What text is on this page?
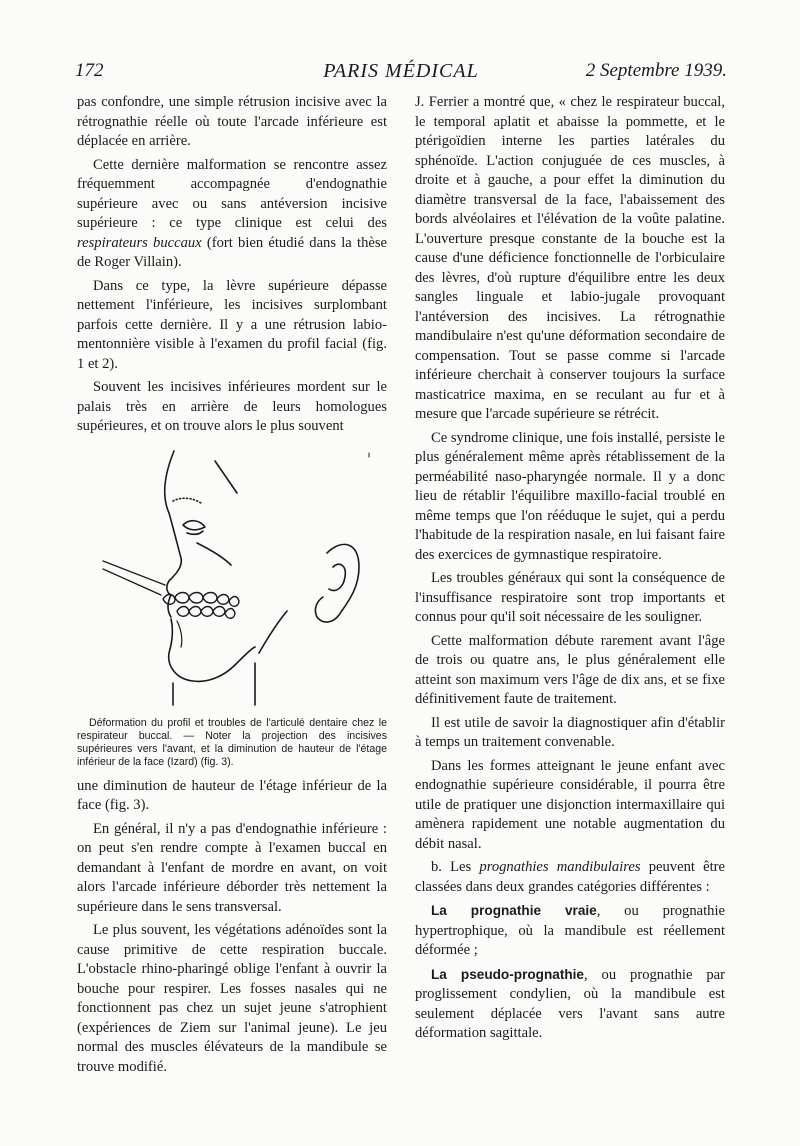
172	PARIS MÉDICAL	2 Septembre 1939.

pas confondre, une simple rétrusion incisive avec la rétrognathie réelle où toute l'arcade inférieure est déplacée en arrière.

Cette dernière malformation se rencontre assez fréquemment accompagnée d'endognathie supérieure avec ou sans antéversion incisive supérieure : ce type clinique est celui des respirateurs buccaux (fort bien étudié dans la thèse de Roger Villain).

Dans ce type, la lèvre supérieure dépasse nettement l'inférieure, les incisives surplombant parfois cette dernière. Il y a une rétrusion labio-mentonnière visible à l'examen du profil facial (fig. 1 et 2).

Souvent les incisives inférieures mordent sur le palais très en arrière de leurs homologues supérieures, et on trouve alors le plus souvent

Déformation du profil et troubles de l'articulé dentaire chez le respirateur buccal. — Noter la projection des incisives supérieures vers l'avant, et la diminution de hauteur de l'étage inférieur de la face (Izard) (fig. 3).

une diminution de hauteur de l'étage inférieur de la face (fig. 3).

En général, il n'y a pas d'endognathie inférieure : on peut s'en rendre compte à l'examen buccal en demandant à l'enfant de mordre en avant, on voit alors l'arcade inférieure déborder très nettement la supérieure dans le sens transversal.

Le plus souvent, les végétations adénoïdes sont la cause primitive de cette respiration buccale. L'obstacle rhino-pharingé oblige l'enfant à ouvrir la bouche pour respirer. Les fosses nasales qui ne fonctionnent pas chez un sujet jeune s'atrophient (expériences de Ziem sur l'animal jeune). Le jeu normal des muscles élévateurs de la mandibule se trouve modifié.

J. Ferrier a montré que, « chez le respirateur buccal, le temporal aplatit et abaisse la pommette, et le ptérigoïdien interne les parties latérales du sphénoïde. L'action conjuguée de ces muscles, à droite et à gauche, a pour effet la diminution du diamètre transversal de la face, l'abaissement des bords alvéolaires et l'élévation de la voûte palatine. L'ouverture presque constante de la bouche est la cause d'une déficience fonctionnelle de l'orbiculaire des lèvres, d'où rupture d'équilibre entre les deux sangles linguale et labio-jugale provoquant l'antéversion des incisives. La rétrognathie mandibulaire n'est qu'une déformation secondaire de compensation. Tout se passe comme si l'arcade inférieure cherchait à conserver toujours la surface masticatrice maxima, en se reculant au fur et à mesure que l'arcade supérieure se rétrécit.

Ce syndrome clinique, une fois installé, persiste le plus généralement même après rétablissement de la perméabilité naso-pharyngée normale. Il y a donc lieu de rétablir l'équilibre maxillo-facial troublé en même temps que l'on rééduque le sujet, qui a perdu l'habitude de la respiration nasale, en lui faisant faire des exercices de gymnastique respiratoire.

Les troubles généraux qui sont la conséquence de l'insuffisance respiratoire sont trop importants et connus pour qu'il soit nécessaire de les souligner.

Cette malformation débute rarement avant l'âge de trois ou quatre ans, le plus généralement elle atteint son maximum vers l'âge de dix ans, et se fixe définitivement faute de traitement.

Il est utile de savoir la diagnostiquer afin d'établir à temps un traitement convenable.

Dans les formes atteignant le jeune enfant avec endognathie supérieure considérable, il pourra être utile de pratiquer une disjonction intermaxillaire qui amènera rapidement une notable augmentation du débit nasal.

b. Les prognathies mandibulaires peuvent être classées dans deux grandes catégories différentes :

La prognathie vraie, ou prognathie hypertrophique, où la mandibule est réellement déformée ;

La pseudo-prognathie, ou prognathie par proglissement condylien, où la mandibule est seulement déplacée vers l'avant sans autre déformation sagittale.
